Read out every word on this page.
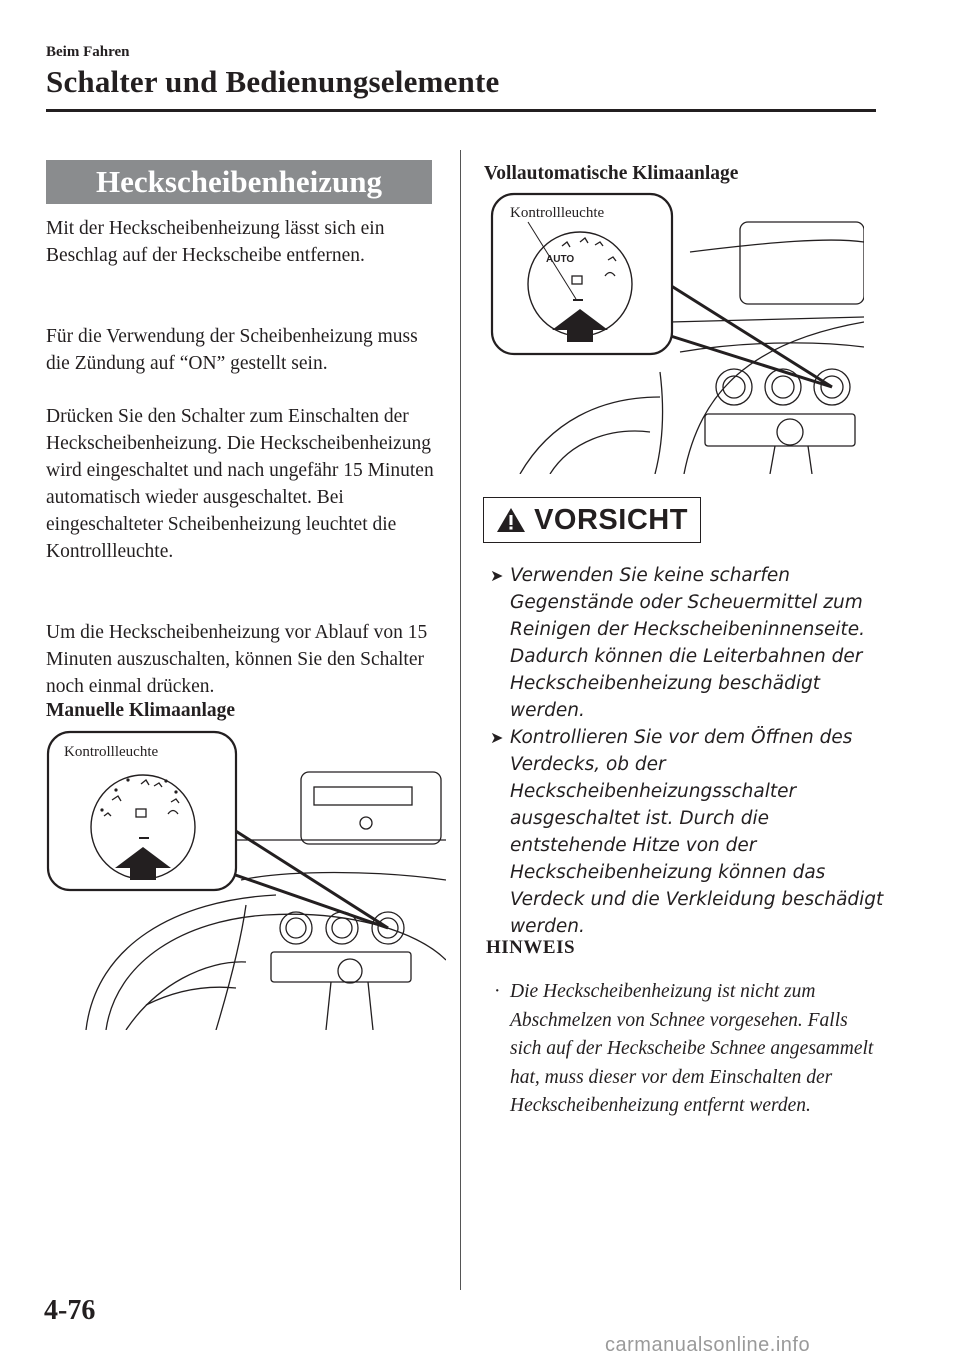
Beim Fahren
Schalter und Bedienungselemente
Heckscheibenheizung

Mit der Heckscheibenheizung lässt sich ein Beschlag auf der Heckscheibe entfernen.

Für die Verwendung der Scheibenheizung muss die Zündung auf “ON” gestellt sein.

Drücken Sie den Schalter zum Einschalten der Heckscheibenheizung. Die Heckscheibenheizung wird eingeschaltet und nach ungefähr 15 Minuten automatisch wieder ausgeschaltet. Bei eingeschalteter Scheibenheizung leuchtet die Kontrollleuchte.

Um die Heckscheibenheizung vor Ablauf von 15 Minuten auszuschalten, können Sie den Schalter noch einmal drücken.

Manuelle Klimaanlage
Kontrollleuchte
Vollautomatische Klimaanlage
Kontrollleuchte
AUTO
VORSICHT

➤ Verwenden Sie keine scharfen Gegenstände oder Scheuermittel zum Reinigen der Heckscheibeninnenseite. Dadurch können die Leiterbahnen der Heckscheibenheizung beschädigt werden.

➤ Kontrollieren Sie vor dem Öffnen des Verdecks, ob der Heckscheibenheizungsschalter ausgeschaltet ist. Durch die entstehende Hitze von der Heckscheibenheizung können das Verdeck und die Verkleidung beschädigt werden.

HINWEIS
· Die Heckscheibenheizung ist nicht zum Abschmelzen von Schnee vorgesehen. Falls sich auf der Heckscheibe Schnee angesammelt hat, muss dieser vor dem Einschalten der Heckscheibenheizung entfernt werden.
4-76
carmanualsonline.info
